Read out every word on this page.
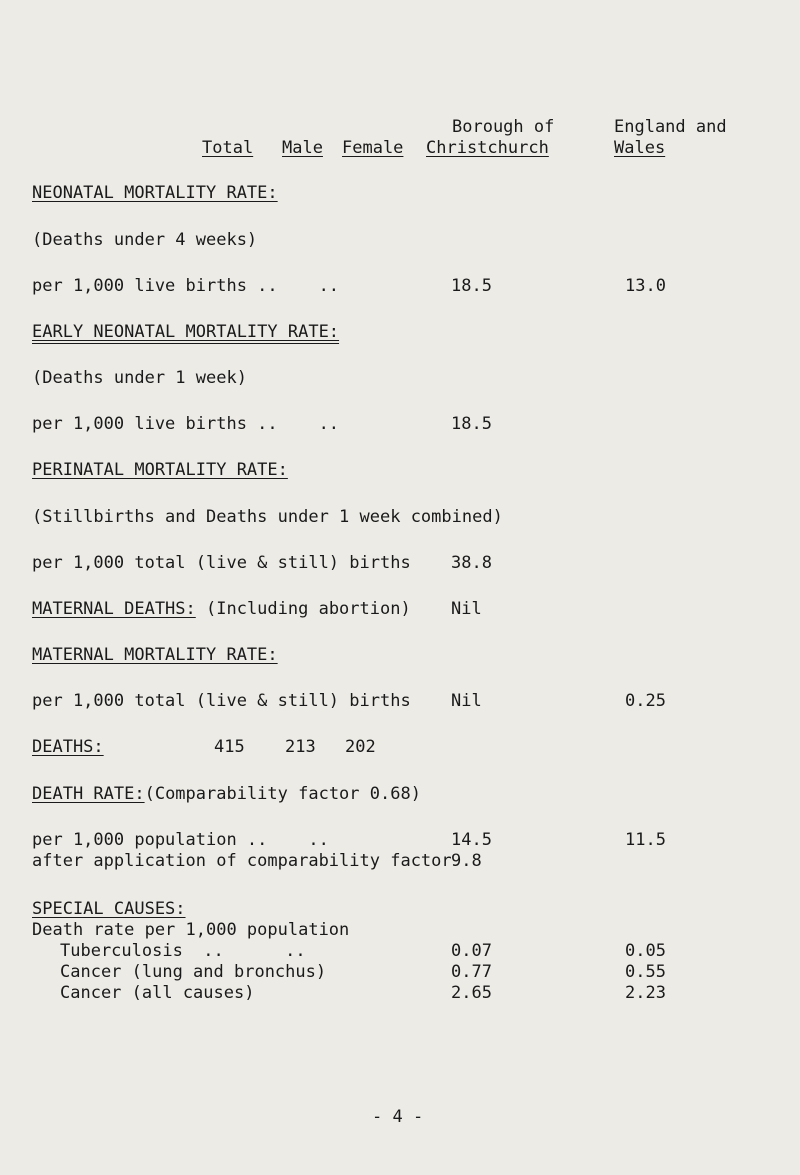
Borough of	England and
Total Male Female Christchurch	Wales
NEONATAL MORTALITY RATE:
(Deaths under 4 weeks)
per 1,000 live births ..    ..	18.5	13.0
EARLY NEONATAL MORTALITY RATE:
(Deaths under 1 week)
per 1,000 live births ..    ..	18.5
PERINATAL MORTALITY RATE:
(Stillbirths and Deaths under 1 week combined)
per 1,000 total (live & still) births 38.8
MATERNAL DEATHS: (Including abortion) Nil
MATERNAL MORTALITY RATE:
per 1,000 total (live & still) births Nil	0.25
DEATHS:	415 213 202
DEATH RATE:(Comparability factor 0.68)
per 1,000 population ..    ..	14.5	11.5
after application of comparability factor 9.8
SPECIAL CAUSES:
Death rate per 1,000 population
Tuberculosis  ..      ..	0.07	0.05
Cancer (lung and bronchus)	0.77	0.55
Cancer (all causes)	2.65	2.23
- 4 -
